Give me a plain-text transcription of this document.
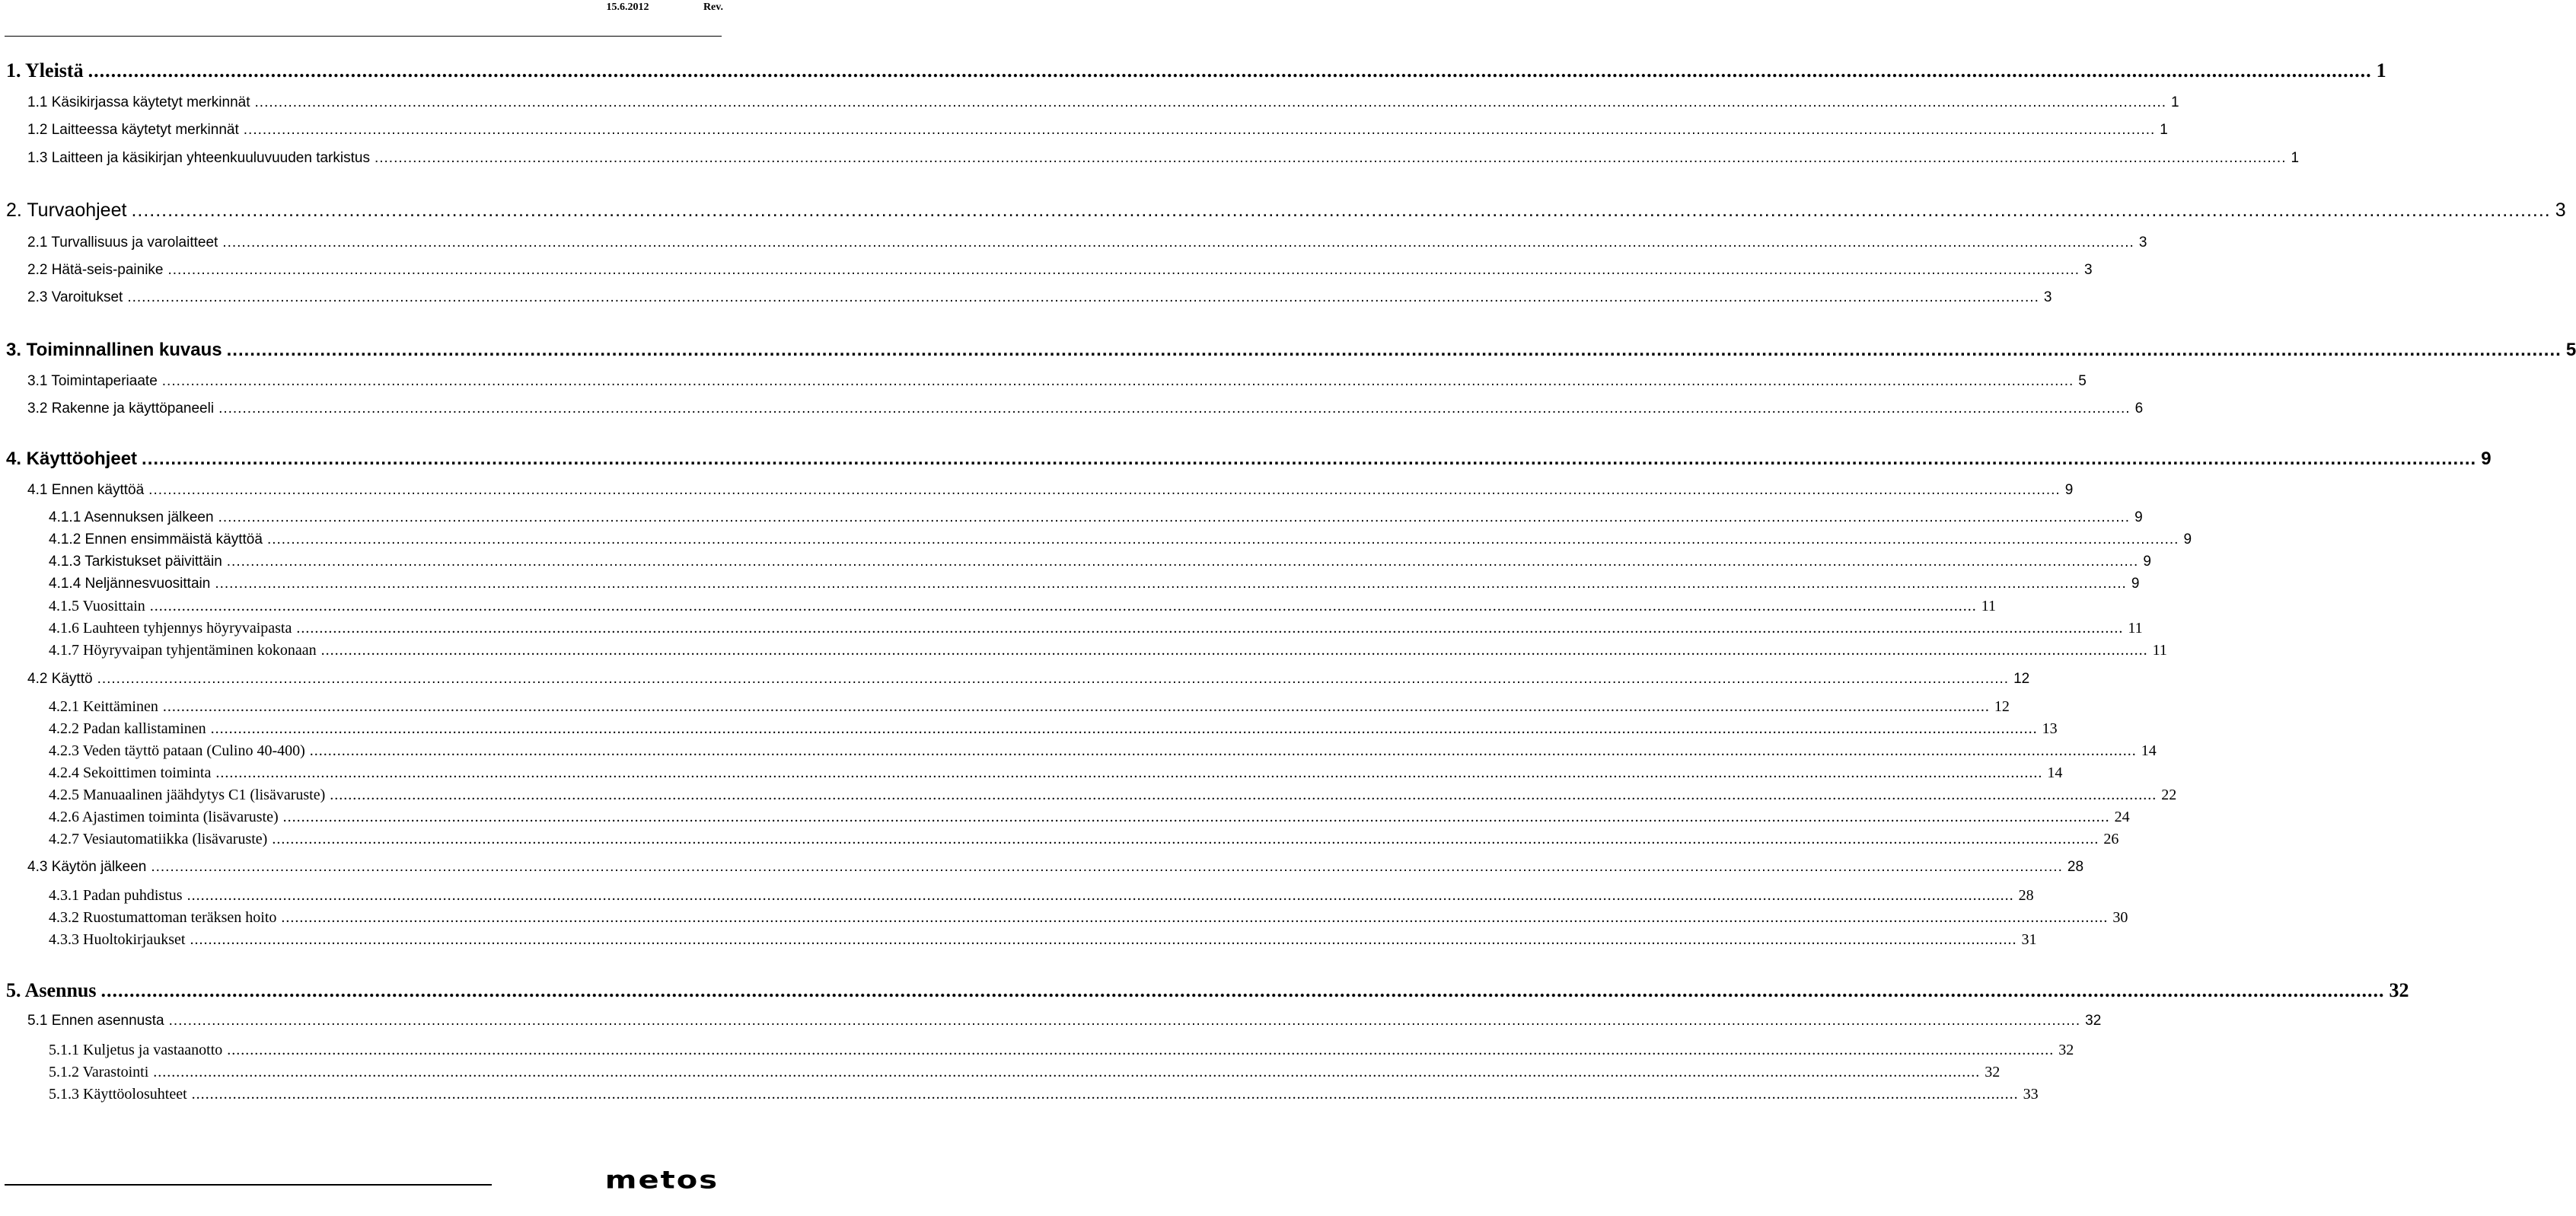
15.6.2012	Rev.
1. Yleistä ................................................................................................................................................................................................................................................................................................................................................................................................................ 1
1.1 Käsikirjassa käytetyt merkinnät ................................................................................................................................................................................................................................................................................................................................................................................................................ 1
1.2 Laitteessa käytetyt merkinnät ................................................................................................................................................................................................................................................................................................................................................................................................................ 1
1.3 Laitteen ja käsikirjan yhteenkuuluvuuden tarkistus ................................................................................................................................................................................................................................................................................................................................................................................................................ 1
2. Turvaohjeet ................................................................................................................................................................................................................................................................................................................................................................................................................ 3
2.1 Turvallisuus ja varolaitteet ................................................................................................................................................................................................................................................................................................................................................................................................................ 3
2.2 Hätä-seis-painike ................................................................................................................................................................................................................................................................................................................................................................................................................ 3
2.3 Varoitukset ................................................................................................................................................................................................................................................................................................................................................................................................................ 3
3. Toiminnallinen kuvaus ................................................................................................................................................................................................................................................................................................................................................................................................................ 5
3.1 Toimintaperiaate ................................................................................................................................................................................................................................................................................................................................................................................................................ 5
3.2 Rakenne ja käyttöpaneeli ................................................................................................................................................................................................................................................................................................................................................................................................................ 6
4. Käyttöohjeet ................................................................................................................................................................................................................................................................................................................................................................................................................ 9
4.1 Ennen käyttöä ................................................................................................................................................................................................................................................................................................................................................................................................................ 9
4.1.1 Asennuksen jälkeen ................................................................................................................................................................................................................................................................................................................................................................................................................ 9
4.1.2 Ennen ensimmäistä käyttöä ................................................................................................................................................................................................................................................................................................................................................................................................................ 9
4.1.3 Tarkistukset päivittäin ................................................................................................................................................................................................................................................................................................................................................................................................................ 9
4.1.4 Neljännesvuosittain ................................................................................................................................................................................................................................................................................................................................................................................................................ 9
4.1.5 Vuosittain ................................................................................................................................................................................................................................................................................................................................................................................................................ 11
4.1.6 Lauhteen tyhjennys höyryvaipasta ................................................................................................................................................................................................................................................................................................................................................................................................................ 11
4.1.7 Höyryvaipan tyhjentäminen kokonaan ................................................................................................................................................................................................................................................................................................................................................................................................................ 11
4.2 Käyttö ................................................................................................................................................................................................................................................................................................................................................................................................................ 12
4.2.1 Keittäminen ................................................................................................................................................................................................................................................................................................................................................................................................................ 12
4.2.2 Padan kallistaminen ................................................................................................................................................................................................................................................................................................................................................................................................................ 13
4.2.3 Veden täyttö pataan (Culino 40-400) ................................................................................................................................................................................................................................................................................................................................................................................................................ 14
4.2.4 Sekoittimen toiminta ................................................................................................................................................................................................................................................................................................................................................................................................................ 14
4.2.5 Manuaalinen jäähdytys C1 (lisävaruste) ................................................................................................................................................................................................................................................................................................................................................................................................................ 22
4.2.6 Ajastimen toiminta (lisävaruste) ................................................................................................................................................................................................................................................................................................................................................................................................................ 24
4.2.7 Vesiautomatiikka (lisävaruste) ................................................................................................................................................................................................................................................................................................................................................................................................................ 26
4.3 Käytön jälkeen ................................................................................................................................................................................................................................................................................................................................................................................................................ 28
4.3.1 Padan puhdistus ................................................................................................................................................................................................................................................................................................................................................................................................................ 28
4.3.2 Ruostumattoman teräksen hoito ................................................................................................................................................................................................................................................................................................................................................................................................................ 30
4.3.3 Huoltokirjaukset ................................................................................................................................................................................................................................................................................................................................................................................................................ 31
5. Asennus ................................................................................................................................................................................................................................................................................................................................................................................................................ 32
5.1 Ennen asennusta ................................................................................................................................................................................................................................................................................................................................................................................................................ 32
5.1.1 Kuljetus ja vastaanotto ................................................................................................................................................................................................................................................................................................................................................................................................................ 32
5.1.2 Varastointi ................................................................................................................................................................................................................................................................................................................................................................................................................ 32
5.1.3 Käyttöolosuhteet ................................................................................................................................................................................................................................................................................................................................................................................................................ 33
metos
